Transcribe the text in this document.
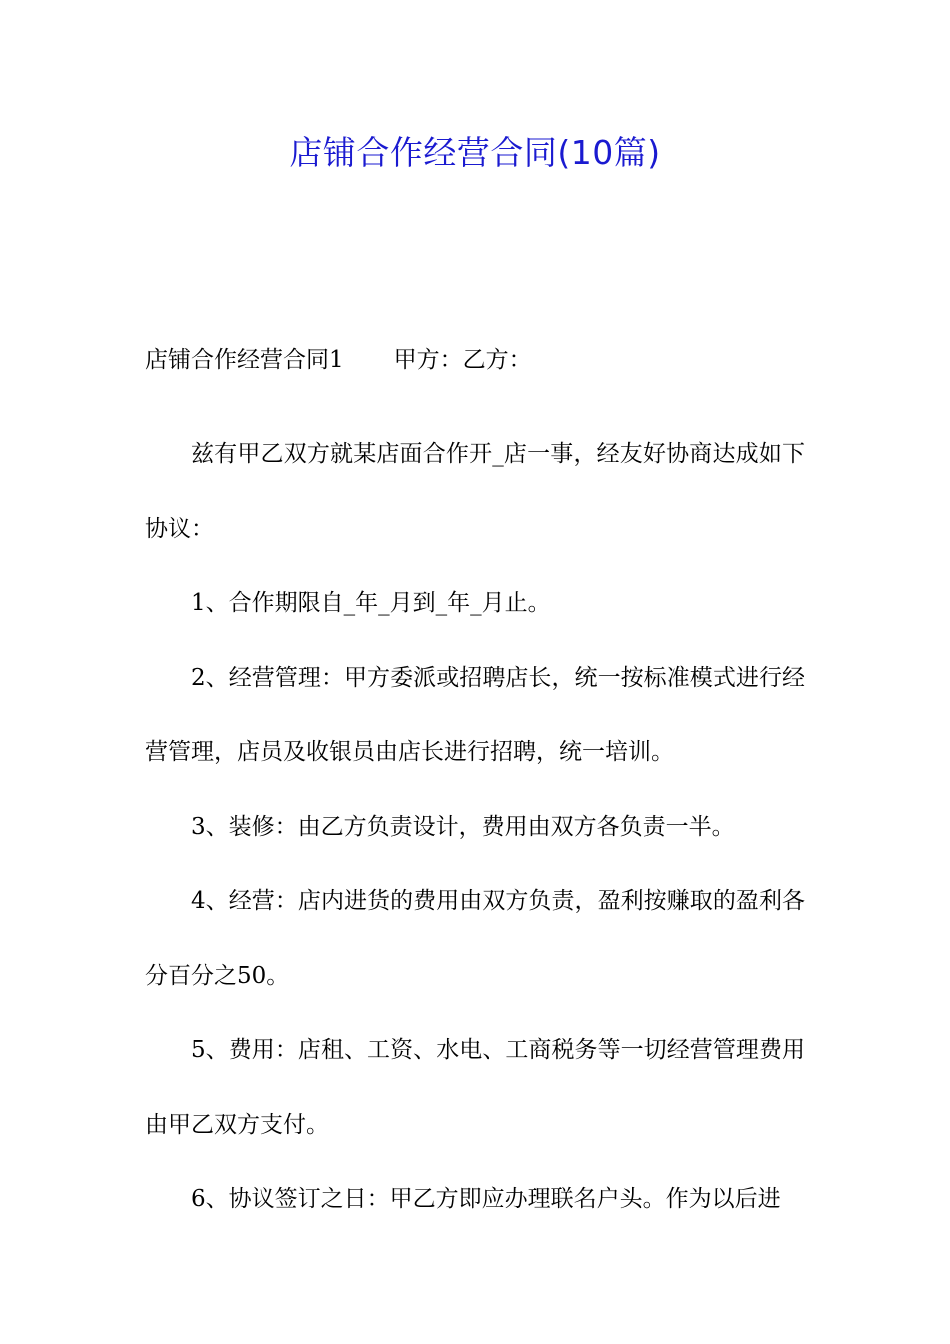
店铺合作经营合同(10篇)
店铺合作经营合同1 甲方：乙方：

兹有甲乙双方就某店面合作开_店一事，经友好协商达成如下协议：

1、合作期限自_年_月到_年_月止。

2、经营管理：甲方委派或招聘店长，统一按标准模式进行经营管理，店员及收银员由店长进行招聘，统一培训。

3、装修：由乙方负责设计，费用由双方各负责一半。

4、经营：店内进货的费用由双方负责，盈利按赚取的盈利各分百分之50。

5、费用：店租、工资、水电、工商税务等一切经营管理费用由甲乙双方支付。

6、协议签订之日：甲乙方即应办理联名户头。作为以后进
